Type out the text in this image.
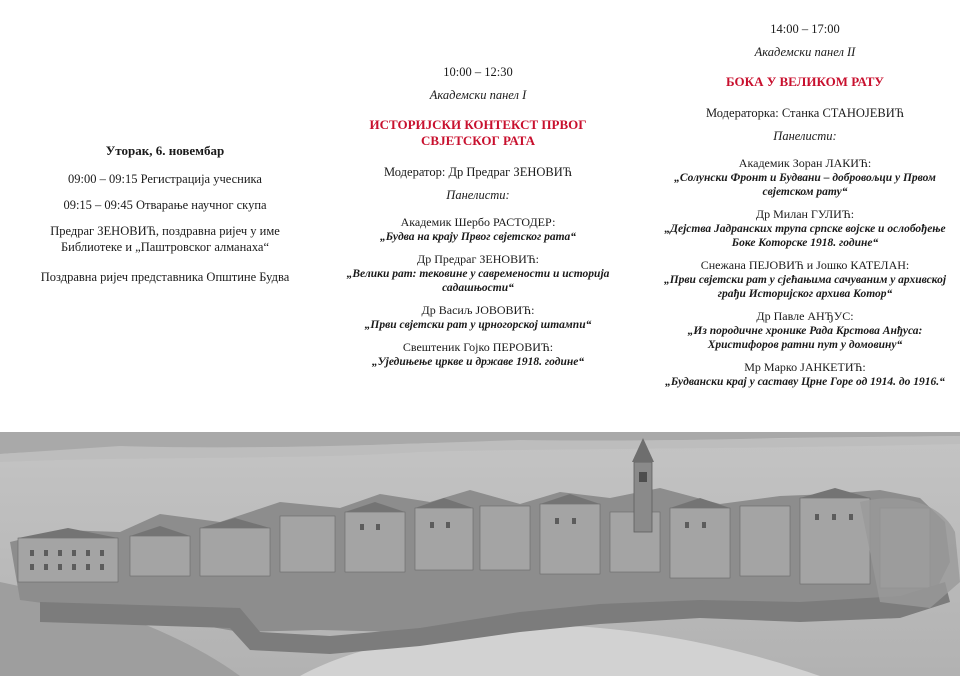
Уторак, 6. новембар
09:00 – 09:15 Регистрација учесника
09:15 – 09:45 Отварање научног скупа
Предраг ЗЕНОВИЋ, поздравна ријеч у име Библиотеке и „Паштровског алманаха“
Поздравна ријеч представника Општине Будва
10:00 – 12:30
Академски панел I
ИСТОРИЈСКИ КОНТЕКСТ ПРВОГ СВЈЕТСКОГ РАТА
Модератор: Др Предраг ЗЕНОВИЋ
Панелисти:
Академик Шербо РАСТОДЕР:
„Будва на крају Првог свјетског рата“
Др Предраг ЗЕНОВИЋ:
„Велики рат: тековине у савремености и историја садашњости“
Др Васиљ ЈОВОВИЋ:
„Први свјетски рат у црногорској штампи“
Свештеник Гојко ПЕРОВИЋ:
„Уједињење цркве и државе 1918. године“
14:00 – 17:00
Академски панел II
БОКА У ВЕЛИКОМ РАТУ
Модераторка: Станка СТАНОЈЕВИЋ
Панелисти:
Академик Зоран ЛАКИЋ:
„Солунски Фронт и Будвани – добровољци у Првом свјетском рату“
Др Милан ГУЛИЋ:
„Дејства Јадранских трупа српске војске и ослобођење Боке Которске 1918. године“
Снежана ПЕЈОВИЋ и Јошко КАТЕЛАН:
„Први свјетски рат у сјећањима сачуваним у архивској грађи Историјског архива Котор“
Др Павле АНЂУС:
„Из породичне хронике Рада Крстова Анђуса: Христифоров ратни пут у домовину“
Мр Марко ЈАНКЕТИЋ:
„Будвански крај у саставу Црне Горе од 1914. до 1916.“
